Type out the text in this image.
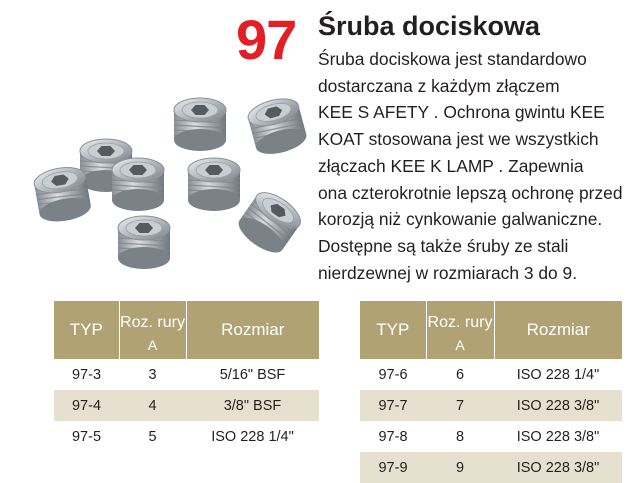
97 Śruba dociskowa

Śruba dociskowa jest standardowo

dostarczana z każdym złączem

KEE S AFETY . Ochrona gwintu KEE

KOAT stosowana jest we wszystkich

złączach KEE K LAMP . Zapewnia

ona czterokrotnie lepszą ochronę przed

korozją niż cynkowanie galwaniczne.

Dostępne są także śruby ze stali

nierdzewnej w rozmiarach 3 do 9.

TYP	Roz. rury	Rozmiar
	A	
97-3	3	5/16" BSF
97-4	4	3/8" BSF
97-5	5	ISO 228 1/4"
TYP	Roz. rury	Rozmiar
	A	
97-6	6	ISO 228 1/4"
97-7	7	ISO 228 3/8"
97-8	8	ISO 228 3/8"
97-9	9	ISO 228 3/8"
